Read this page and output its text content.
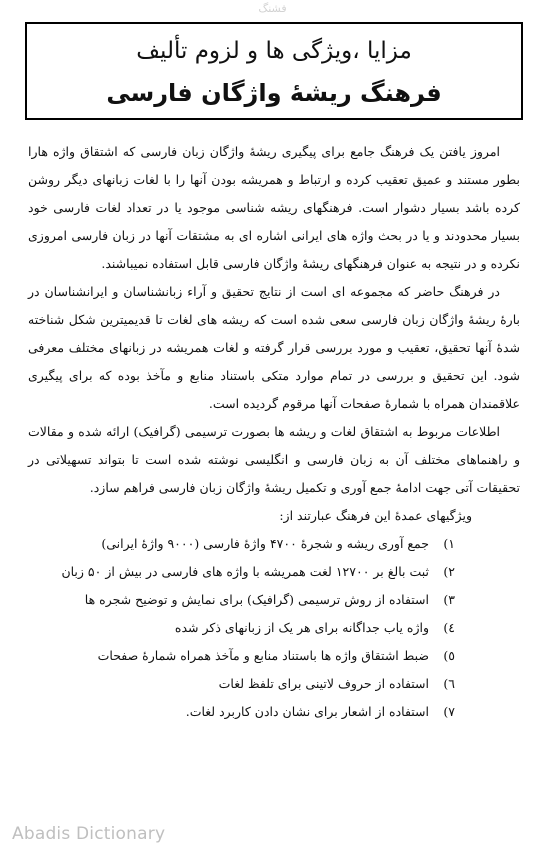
فشنگ
مزایا ،ویژگی ها و لزوم تألیف
فرهنگ ریشهٔ واژگان فارسی

امروز یافتن یک فرهنگ جامع برای پیگیری ریشهٔ واژگان زبان فارسی که اشتقاق واژه هارا بطور مستند و عمیق تعقیب کرده و ارتباط و همریشه بودن آنها را با لغات زبانهای دیگر روشن کرده باشد بسیار دشوار است. فرهنگهای ریشه شناسی موجود یا در تعداد لغات فارسی خود بسیار محدودند و یا در بحث واژه های ایرانی اشاره ای به مشتقات آنها در زبان فارسی امروزی نکرده و در نتیجه به عنوان فرهنگهای ریشهٔ واژگان فارسی قابل استفاده نمیباشند.

در فرهنگ حاضر که مجموعه ای است از نتایج تحقیق و آراء زبانشناسان و ایرانشناسان در بارهٔ ریشهٔ واژگان زبان فارسی سعی شده است که ریشه های لغات تا قدیمیترین شکل شناخته شدهٔ آنها تحقیق، تعقیب و مورد بررسی قرار گرفته و لغات همریشه در زبانهای مختلف معرفی شود. این تحقیق و بررسی در تمام موارد متکی باستناد منابع و مآخذ بوده که برای پیگیری علاقمندان همراه با شمارهٔ صفحات آنها مرقوم گردیده است.

اطلاعات مربوط به اشتقاق لغات و ریشه ها بصورت ترسیمی (گرافیک) ارائه شده و مقالات و راهنماهای مختلف آن به زبان فارسی و انگلیسی نوشته شده است تا بتواند تسهیلاتی در تحقیقات آتی جهت ادامهٔ جمع آوری و تکمیل ریشهٔ واژگان زبان فارسی فراهم سازد.

ویژگیهای عمدهٔ این فرهنگ عبارتند از:
۱)
جمع آوری ریشه و شجرهٔ ۴۷۰۰ واژهٔ فارسی (۹۰۰۰ واژهٔ ایرانی)
۲)
ثبت بالغ بر ۱۲۷۰۰ لغت همریشه با واژه های فارسی در بیش از ۵۰ زبان
۳)
استفاده از روش ترسیمی (گرافیک) برای نمایش و توضیح شجره ها
٤)
واژه یاب جداگانه برای هر یک از زبانهای ذکر شده
٥)
ضبط اشتقاق واژه ها باستناد منابع و مآخذ همراه شمارهٔ صفحات
٦)
استفاده از حروف لاتینی برای تلفظ لغات
۷)
استفاده از اشعار برای نشان دادن کاربرد لغات.
Abadis Dictionary
